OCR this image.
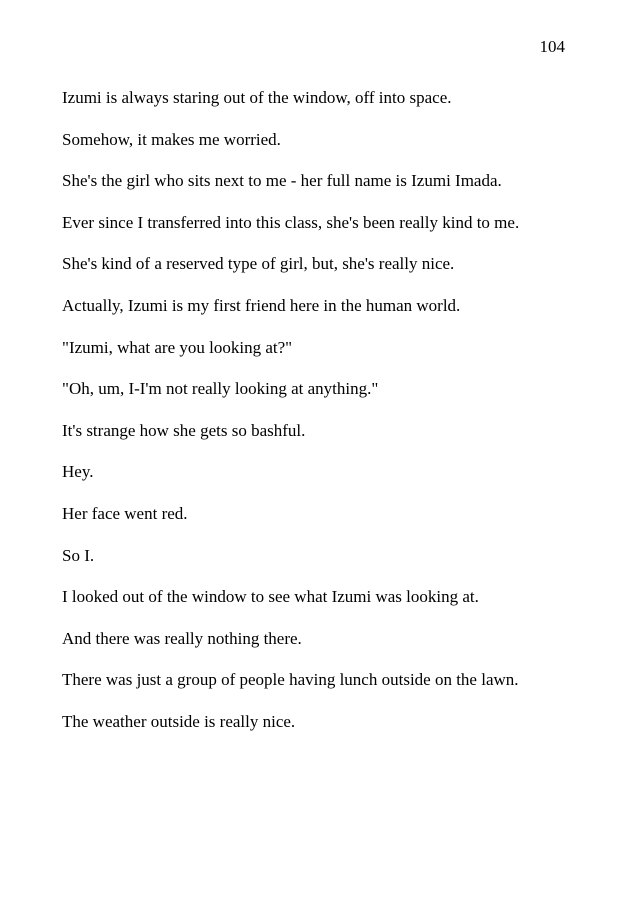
104
Izumi is always staring out of the window, off into space.
Somehow, it makes me worried.
She's the girl who sits next to me - her full name is Izumi Imada.
Ever since I transferred into this class, she's been really kind to me.
She's kind of a reserved type of girl, but, she's really nice.
Actually, Izumi is my first friend here in the human world.
"Izumi, what are you looking at?"
"Oh, um, I-I'm not really looking at anything."
It's strange how she gets so bashful.
Hey.
Her face went red.
So I.
I looked out of the window to see what Izumi was looking at.
And there was really nothing there.
There was just a group of people having lunch outside on the lawn.
The weather outside is really nice.
